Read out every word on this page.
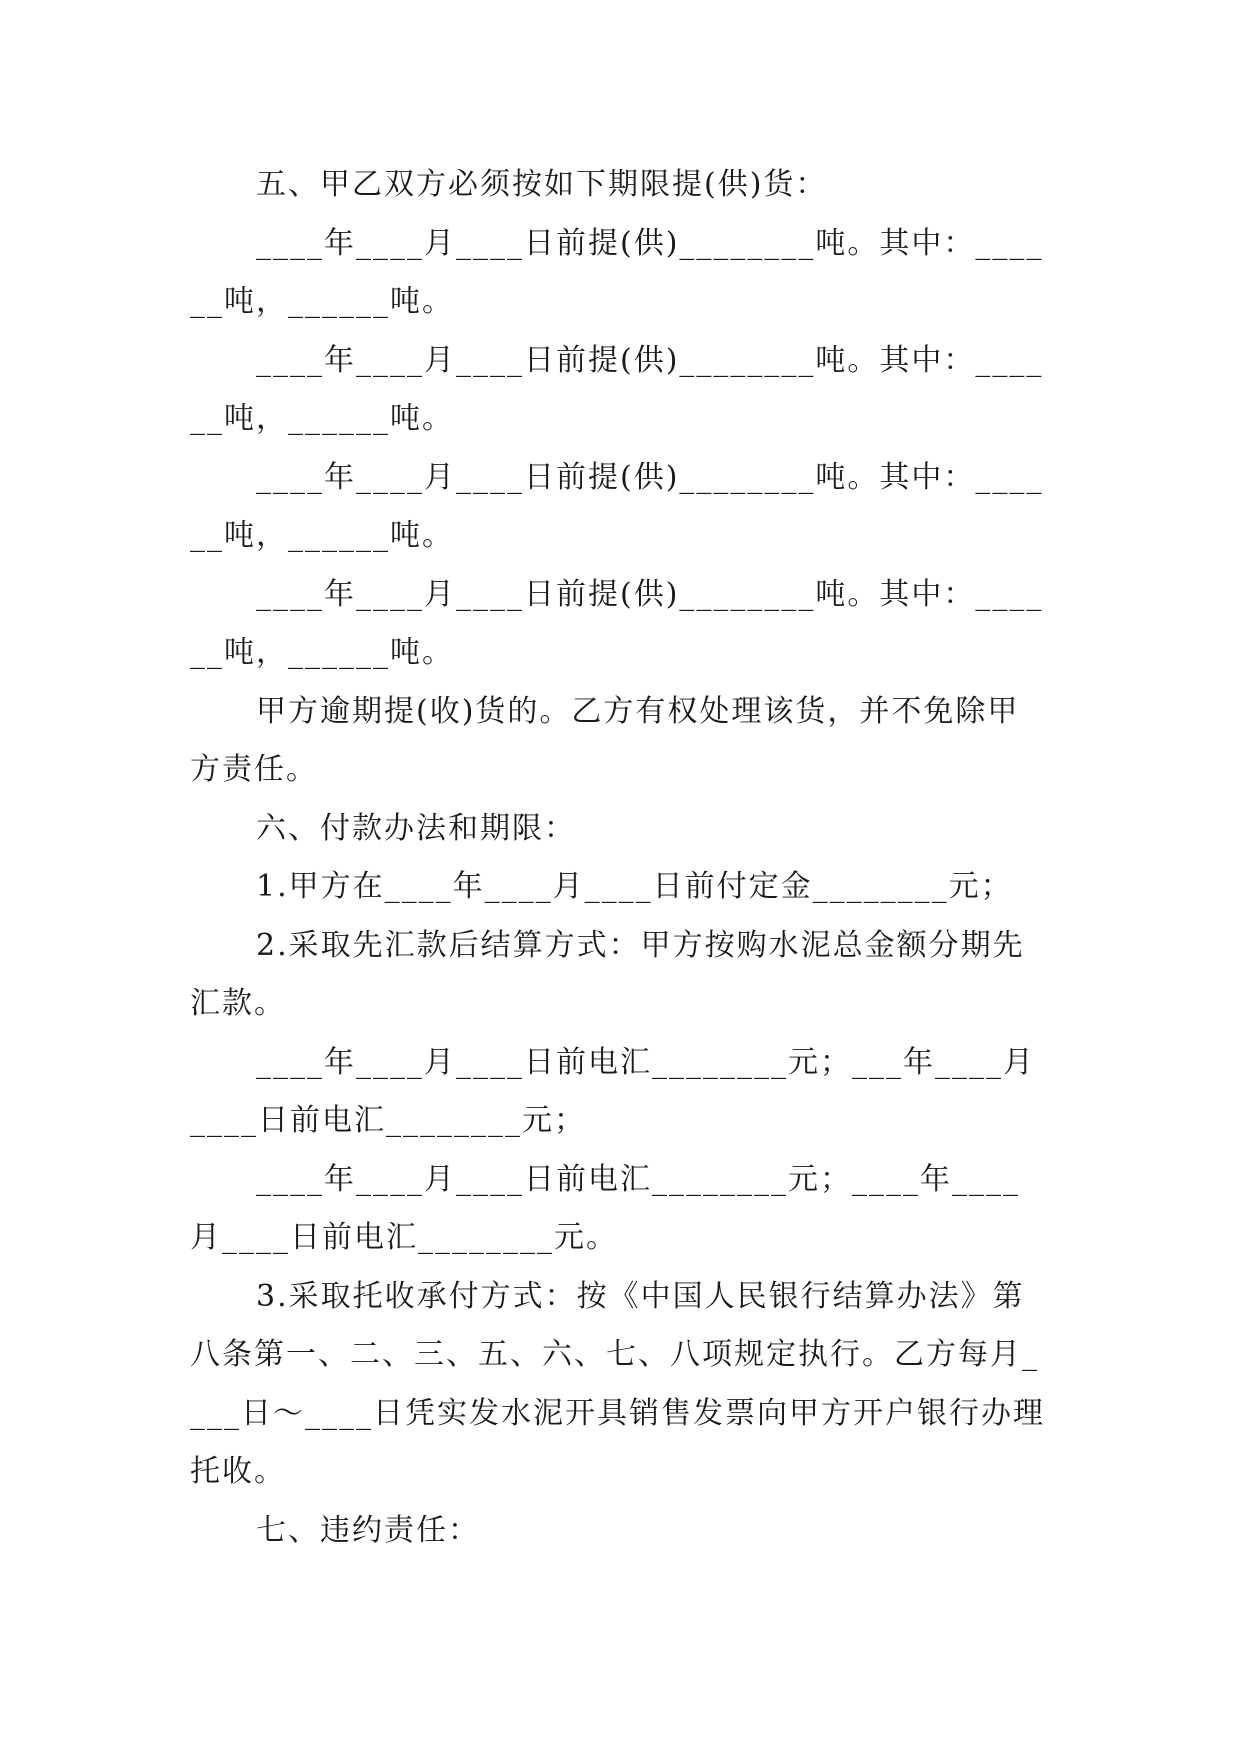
五、甲乙双方必须按如下期限提(供)货：

____年____月____日前提(供)________吨。其中：______吨，______吨。

____年____月____日前提(供)________吨。其中：______吨，______吨。

____年____月____日前提(供)________吨。其中：______吨，______吨。

____年____月____日前提(供)________吨。其中：______吨，______吨。

甲方逾期提(收)货的。乙方有权处理该货，并不免除甲方责任。

六、付款办法和期限：

1.甲方在____年____月____日前付定金________元；

2.采取先汇款后结算方式：甲方按购水泥总金额分期先汇款。

____年____月____日前电汇________元；___年____月____日前电汇________元；

____年____月____日前电汇________元；____年____月____日前电汇________元。

3.采取托收承付方式：按《中国人民银行结算办法》第八条第一、二、三、五、六、七、八项规定执行。乙方每月____日～____日凭实发水泥开具销售发票向甲方开户银行办理托收。

七、违约责任：
